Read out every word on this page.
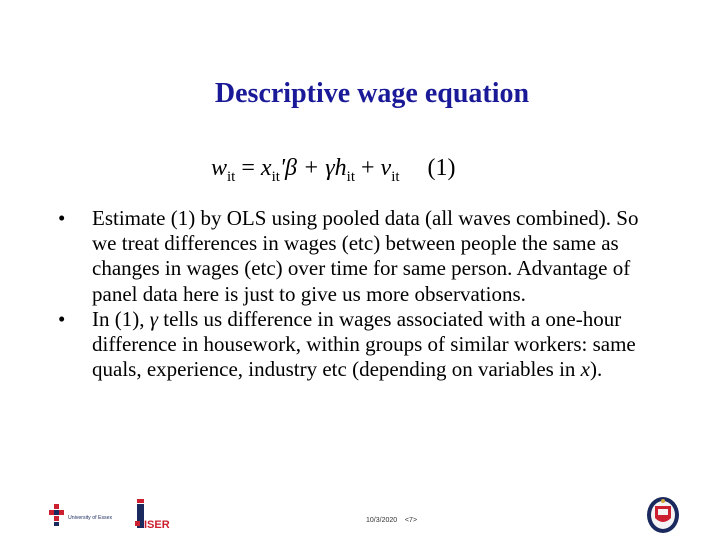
Descriptive wage equation
$w_{it} = x_{it}'\beta + \gamma h_{it} + v_{it}$ (1)

• Estimate (1) by OLS using pooled data (all waves combined). So we treat differences in wages (etc) between people the same as changes in wages (etc) over time for same person. Advantage of panel data here is just to give us more observations.

• In (1), γ tells us difference in wages associated with a one-hour difference in housework, within groups of similar workers: same quals, experience, industry etc (depending on variables in x).

University of Essex
ISER	10/3/2020    <7>
